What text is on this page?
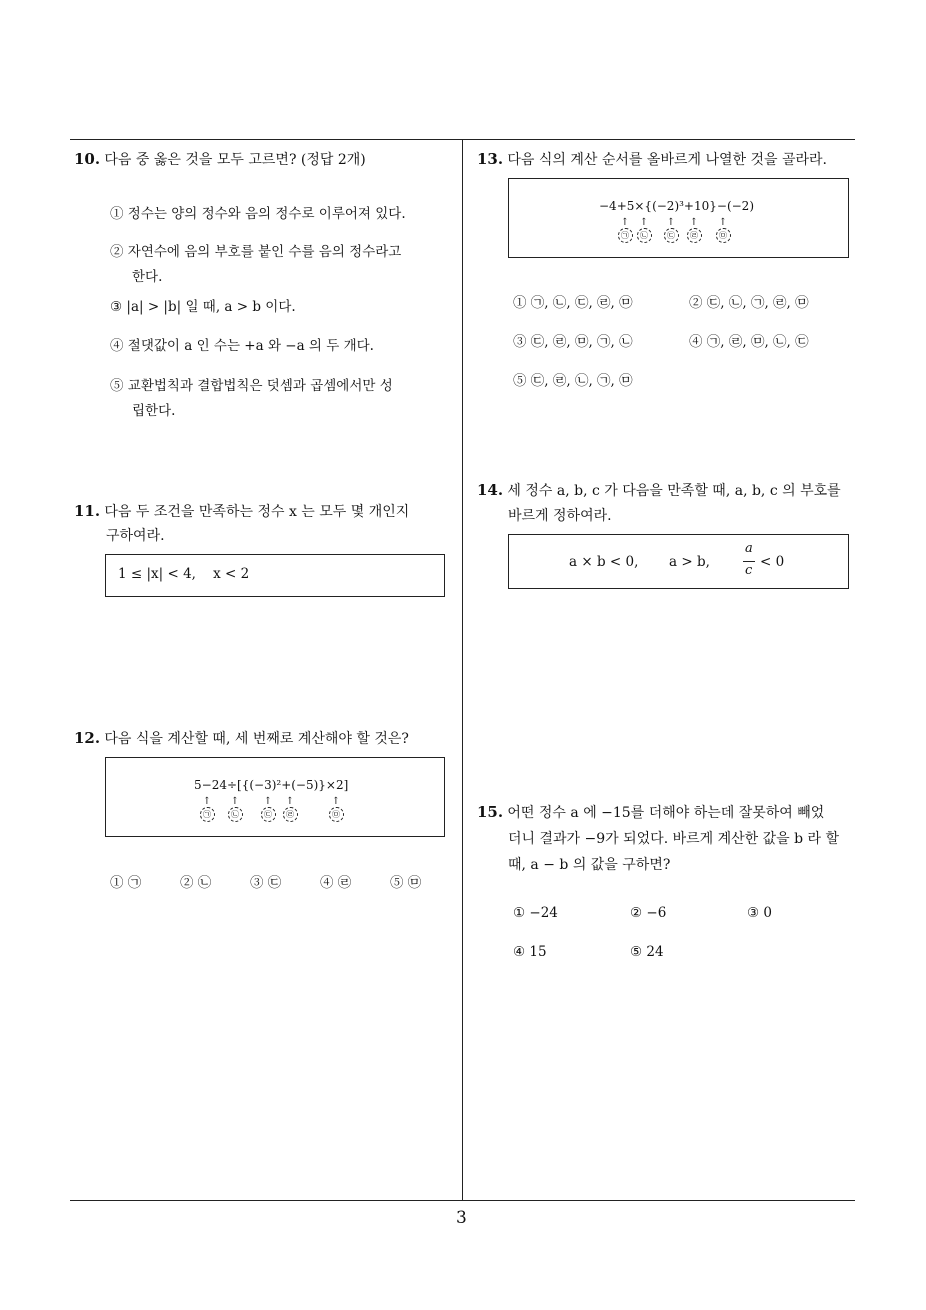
10. 다음 중 옳은 것을 모두 고르면? (정답 2개)
① 정수는 양의 정수와 음의 정수로 이루어져 있다.
② 자연수에 음의 부호를 붙인 수를 음의 정수라고
한다.
③ |a| > |b| 일 때, a > b 이다.
④ 절댓값이 a 인 수는 +a 와 −a 의 두 개다.
⑤ 교환법칙과 결합법칙은 덧셈과 곱셈에서만 성
립한다.
11. 다음 두 조건을 만족하는 정수 x 는 모두 몇 개인지
구하여라.
1 ≤ |x| < 4,    x < 2
12. 다음 식을 계산할 때, 세 번째로 계산해야 할 것은?
5−24÷[{(−3)²+(−5)}×2]
↑
㉠
↑
㉡
↑
㉢
↑
㉣
↑
㉤
① ㉠	② ㉡	③ ㉢	④ ㉣	⑤ ㉤
13. 다음 식의 계산 순서를 올바르게 나열한 것을 골라라.
−4+5×{(−2)³+10}−(−2)
↑
㉠
↑
㉡
↑
㉢
↑
㉣
↑
㉤
① ㉠, ㉡, ㉢, ㉣, ㉤	② ㉢, ㉡, ㉠, ㉣, ㉤
③ ㉢, ㉣, ㉤, ㉠, ㉡	④ ㉠, ㉣, ㉤, ㉡, ㉢
⑤ ㉢, ㉣, ㉡, ㉠, ㉤
14. 세 정수 a, b, c 가 다음을 만족할 때, a, b, c 의 부호를
바르게 정하여라.
a × b < 0, a > b,
a
c
< 0
15. 어떤 정수 a 에 −15를 더해야 하는데 잘못하여 빼었
더니 결과가 −9가 되었다. 바르게 계산한 값을 b 라 할
때, a − b 의 값을 구하면?
① −24	② −6	③ 0
④ 15	⑤ 24
3
